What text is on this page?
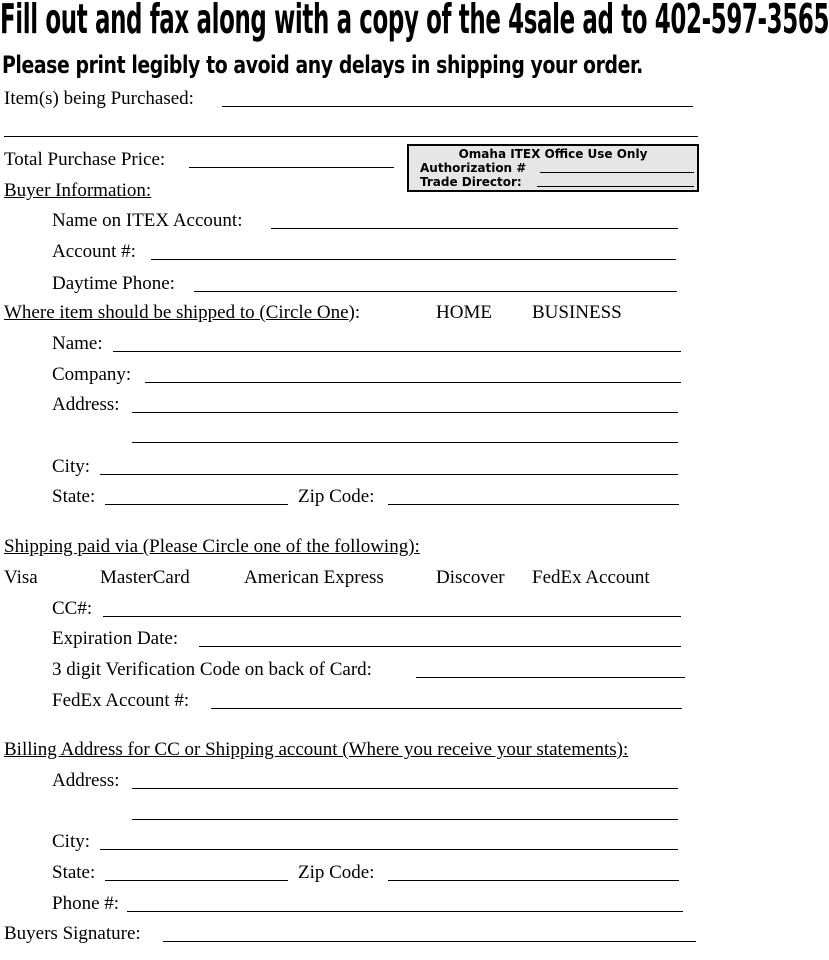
Fill out and fax along with a copy of the 4sale ad to 402-597-3565
Please print legibly to avoid any delays in shipping your order.
Item(s) being Purchased:
Total Purchase Price:	Omaha ITEX Office Use Only
Authorization #
Trade Director:
Buyer Information:
Name on ITEX Account:
Account #:
Daytime Phone:
Where item should be shipped to (Circle One):	HOME BUSINESS
Name:
Company:
Address:
City:
State:	Zip Code:
Shipping paid via (Please Circle one of the following):
Visa	MasterCard	American Express	Discover FedEx Account
CC#:
Expiration Date:
3 digit Verification Code on back of Card:
FedEx Account #:
Billing Address for CC or Shipping account (Where you receive your statements):
Address:
City:
State:	Zip Code:
Phone #:
Buyers Signature:
